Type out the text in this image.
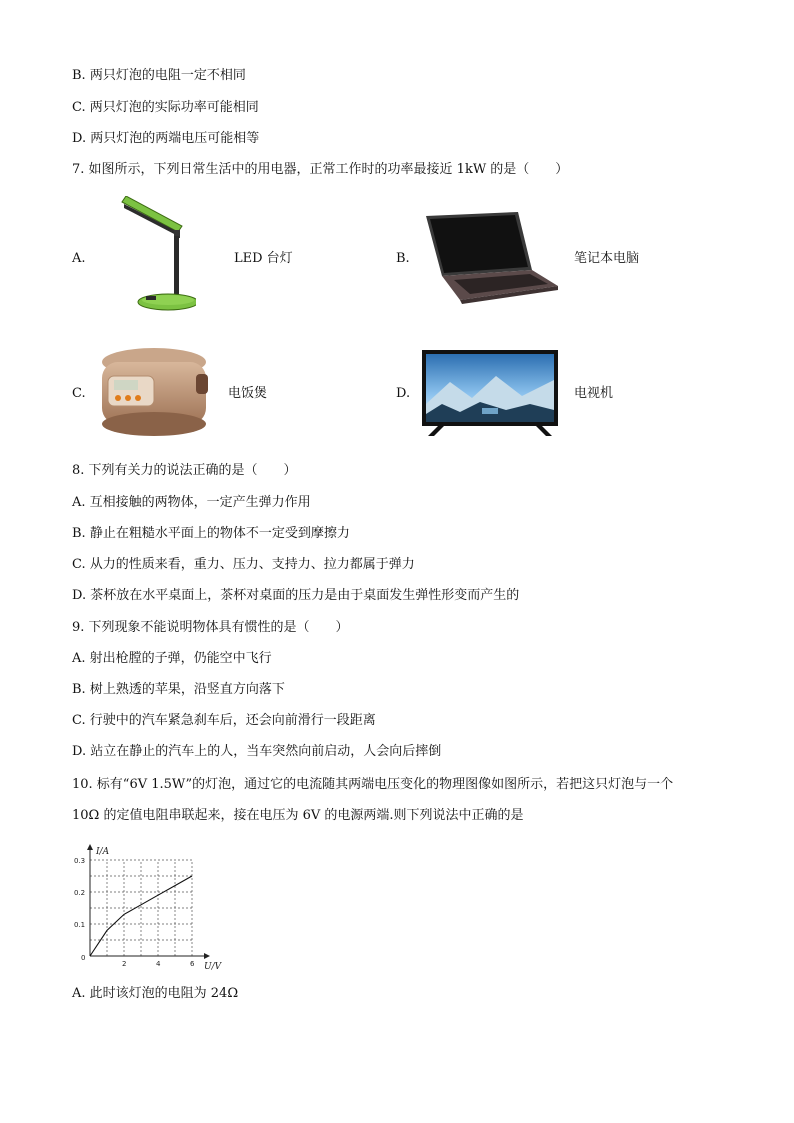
B. 两只灯泡的电阻一定不相同
C. 两只灯泡的实际功率可能相同
D. 两只灯泡的两端电压可能相等
7. 如图所示，下列日常生活中的用电器，正常工作时的功率最接近 1kW 的是（　　）
A.	LED 台灯	B.	笔记本电脑
C.	电饭煲	D.	电视机
8. 下列有关力的说法正确的是（　　）
A. 互相接触的两物体，一定产生弹力作用
B. 静止在粗糙水平面上的物体不一定受到摩擦力
C. 从力的性质来看，重力、压力、支持力、拉力都属于弹力
D. 茶杯放在水平桌面上，茶杯对桌面的压力是由于桌面发生弹性形变而产生的
9. 下列现象不能说明物体具有惯性的是（　　）
A. 射出枪膛的子弹，仍能空中飞行
B. 树上熟透的苹果，沿竖直方向落下
C. 行驶中的汽车紧急刹车后，还会向前滑行一段距离
D. 站立在静止的汽车上的人，当车突然向前启动，人会向后摔倒
10. 标有“6V 1.5W”的灯泡，通过它的电流随其两端电压变化的物理图像如图所示，若把这只灯泡与一个
10Ω 的定值电阻串联起来，接在电压为 6V 的电源两端.则下列说法中正确的是
I/A
U/V
0
2	4	6
0.1
0.2
0.3
A. 此时该灯泡的电阻为 24Ω
